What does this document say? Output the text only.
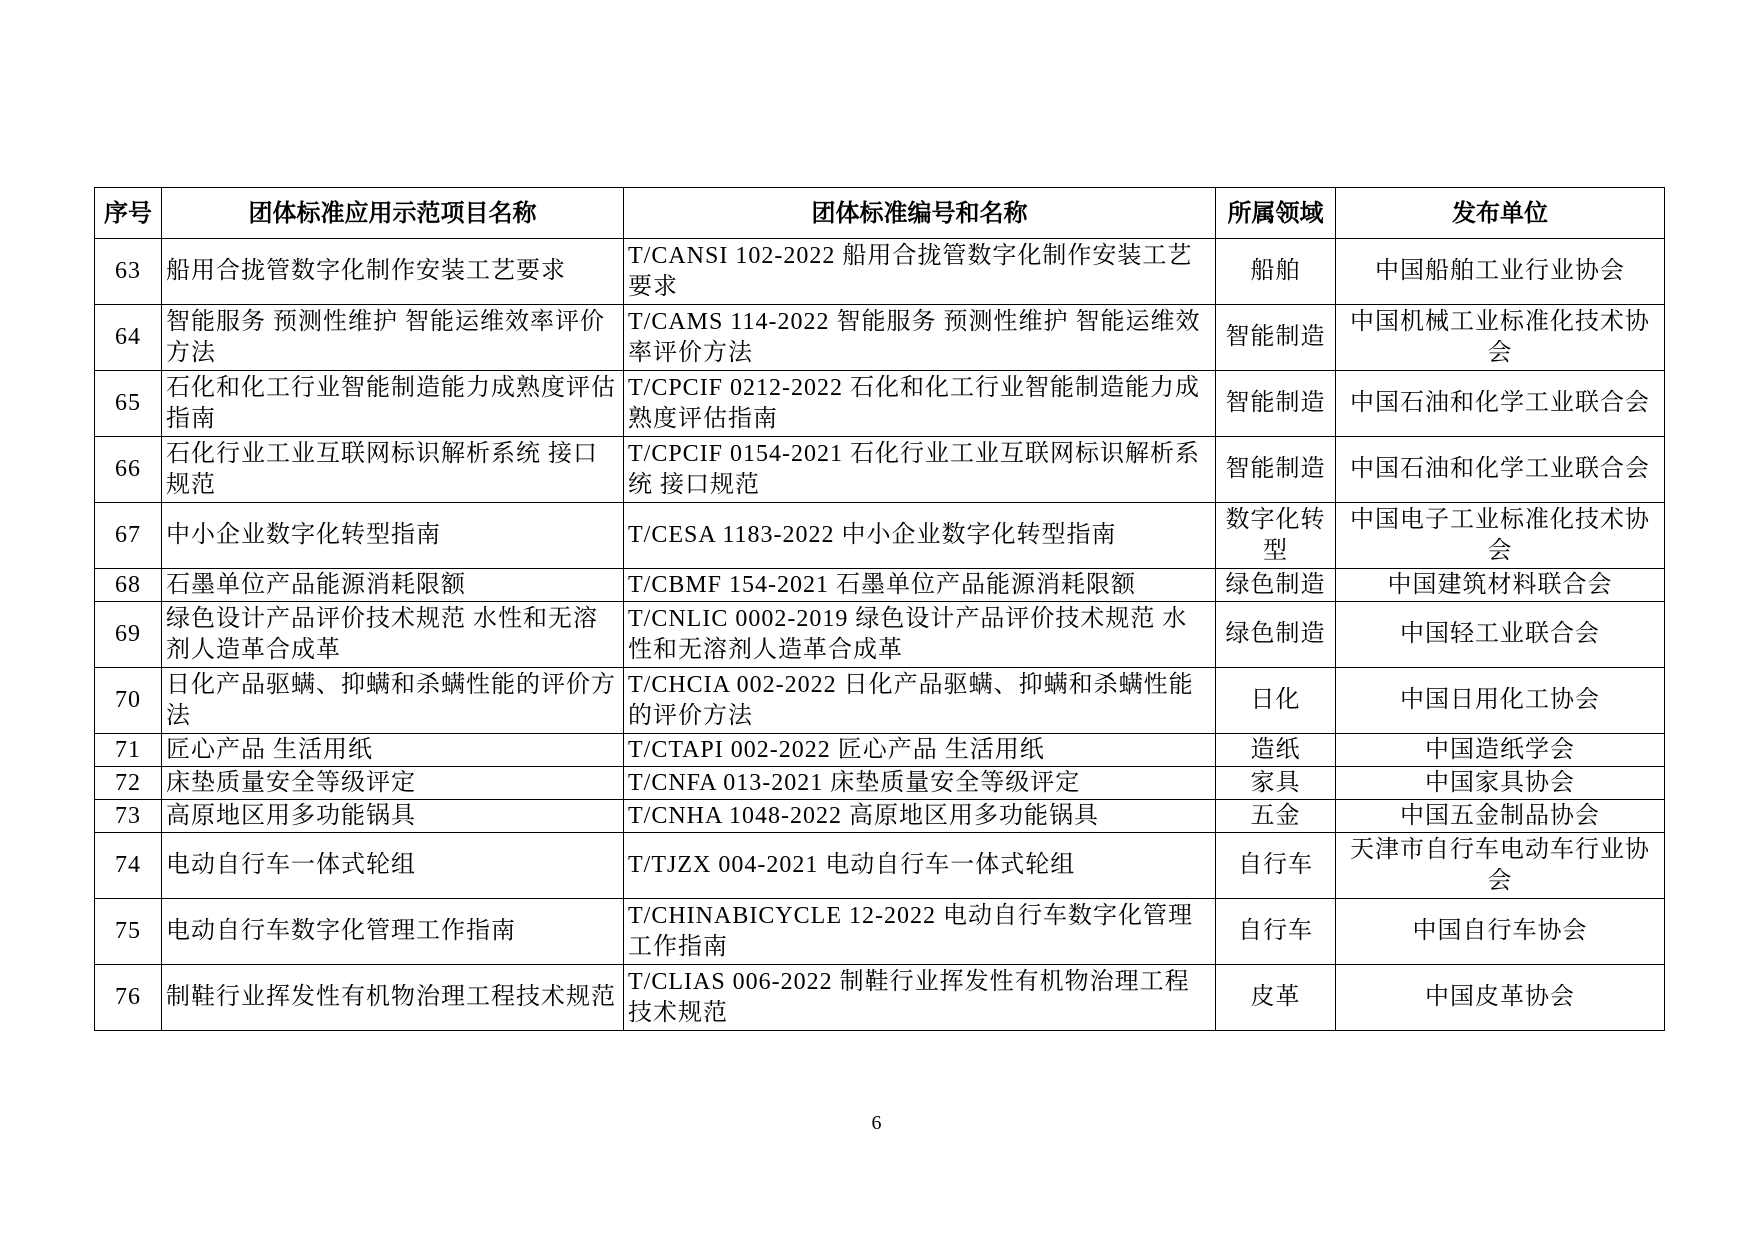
序号	团体标准应用示范项目名称	团体标准编号和名称	所属领域	发布单位
63	船用合拢管数字化制作安装工艺要求	T/CANSI 102-2022 船用合拢管数字化制作安装工艺要求	船舶	中国船舶工业行业协会
64	智能服务 预测性维护 智能运维效率评价方法	T/CAMS 114-2022 智能服务 预测性维护 智能运维效率评价方法	智能制造	中国机械工业标准化技术协会
65	石化和化工行业智能制造能力成熟度评估指南	T/CPCIF 0212-2022 石化和化工行业智能制造能力成熟度评估指南	智能制造	中国石油和化学工业联合会
66	石化行业工业互联网标识解析系统 接口规范	T/CPCIF 0154-2021 石化行业工业互联网标识解析系统 接口规范	智能制造	中国石油和化学工业联合会
67	中小企业数字化转型指南	T/CESA 1183-2022 中小企业数字化转型指南	数字化转型	中国电子工业标准化技术协会
68	石墨单位产品能源消耗限额	T/CBMF 154-2021 石墨单位产品能源消耗限额	绿色制造	中国建筑材料联合会
69	绿色设计产品评价技术规范 水性和无溶剂人造革合成革	T/CNLIC 0002-2019 绿色设计产品评价技术规范 水性和无溶剂人造革合成革	绿色制造	中国轻工业联合会
70	日化产品驱螨、抑螨和杀螨性能的评价方法	T/CHCIA 002-2022 日化产品驱螨、抑螨和杀螨性能的评价方法	日化	中国日用化工协会
71	匠心产品 生活用纸	T/CTAPI 002-2022 匠心产品 生活用纸	造纸	中国造纸学会
72	床垫质量安全等级评定	T/CNFA 013-2021 床垫质量安全等级评定	家具	中国家具协会
73	高原地区用多功能锅具	T/CNHA 1048-2022 高原地区用多功能锅具	五金	中国五金制品协会
74	电动自行车一体式轮组	T/TJZX 004-2021 电动自行车一体式轮组	自行车	天津市自行车电动车行业协会
75	电动自行车数字化管理工作指南	T/CHINABICYCLE 12-2022 电动自行车数字化管理工作指南	自行车	中国自行车协会
76	制鞋行业挥发性有机物治理工程技术规范	T/CLIAS 006-2022 制鞋行业挥发性有机物治理工程技术规范	皮革	中国皮革协会
6
